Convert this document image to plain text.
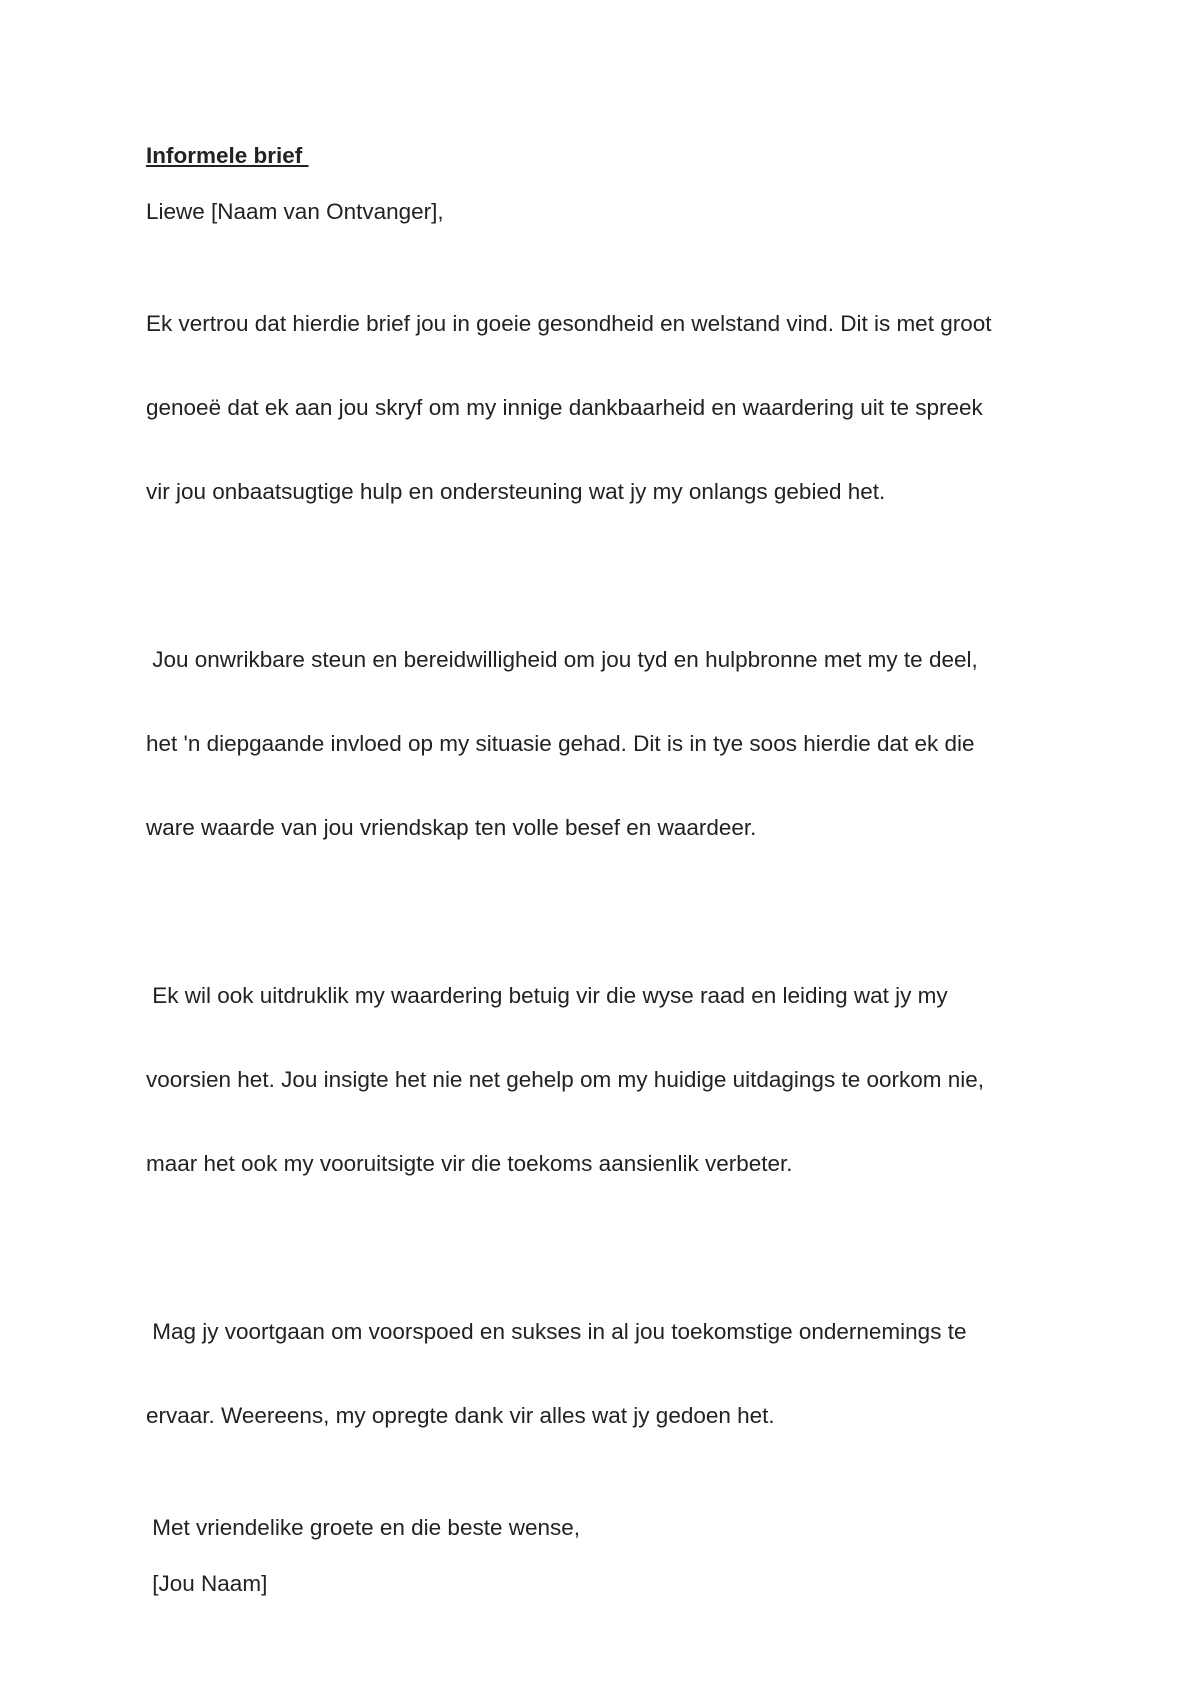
Informele brief
Liewe [Naam van Ontvanger],

Ek vertrou dat hierdie brief jou in goeie gesondheid en welstand vind. Dit is met groot

genoeë dat ek aan jou skryf om my innige dankbaarheid en waardering uit te spreek

vir jou onbaatsugtige hulp en ondersteuning wat jy my onlangs gebied het.

Jou onwrikbare steun en bereidwilligheid om jou tyd en hulpbronne met my te deel,

het 'n diepgaande invloed op my situasie gehad. Dit is in tye soos hierdie dat ek die

ware waarde van jou vriendskap ten volle besef en waardeer.

Ek wil ook uitdruklik my waardering betuig vir die wyse raad en leiding wat jy my

voorsien het. Jou insigte het nie net gehelp om my huidige uitdagings te oorkom nie,

maar het ook my vooruitsigte vir die toekoms aansienlik verbeter.

Mag jy voortgaan om voorspoed en sukses in al jou toekomstige ondernemings te

ervaar. Weereens, my opregte dank vir alles wat jy gedoen het.

Met vriendelike groete en die beste wense,
[Jou Naam]
